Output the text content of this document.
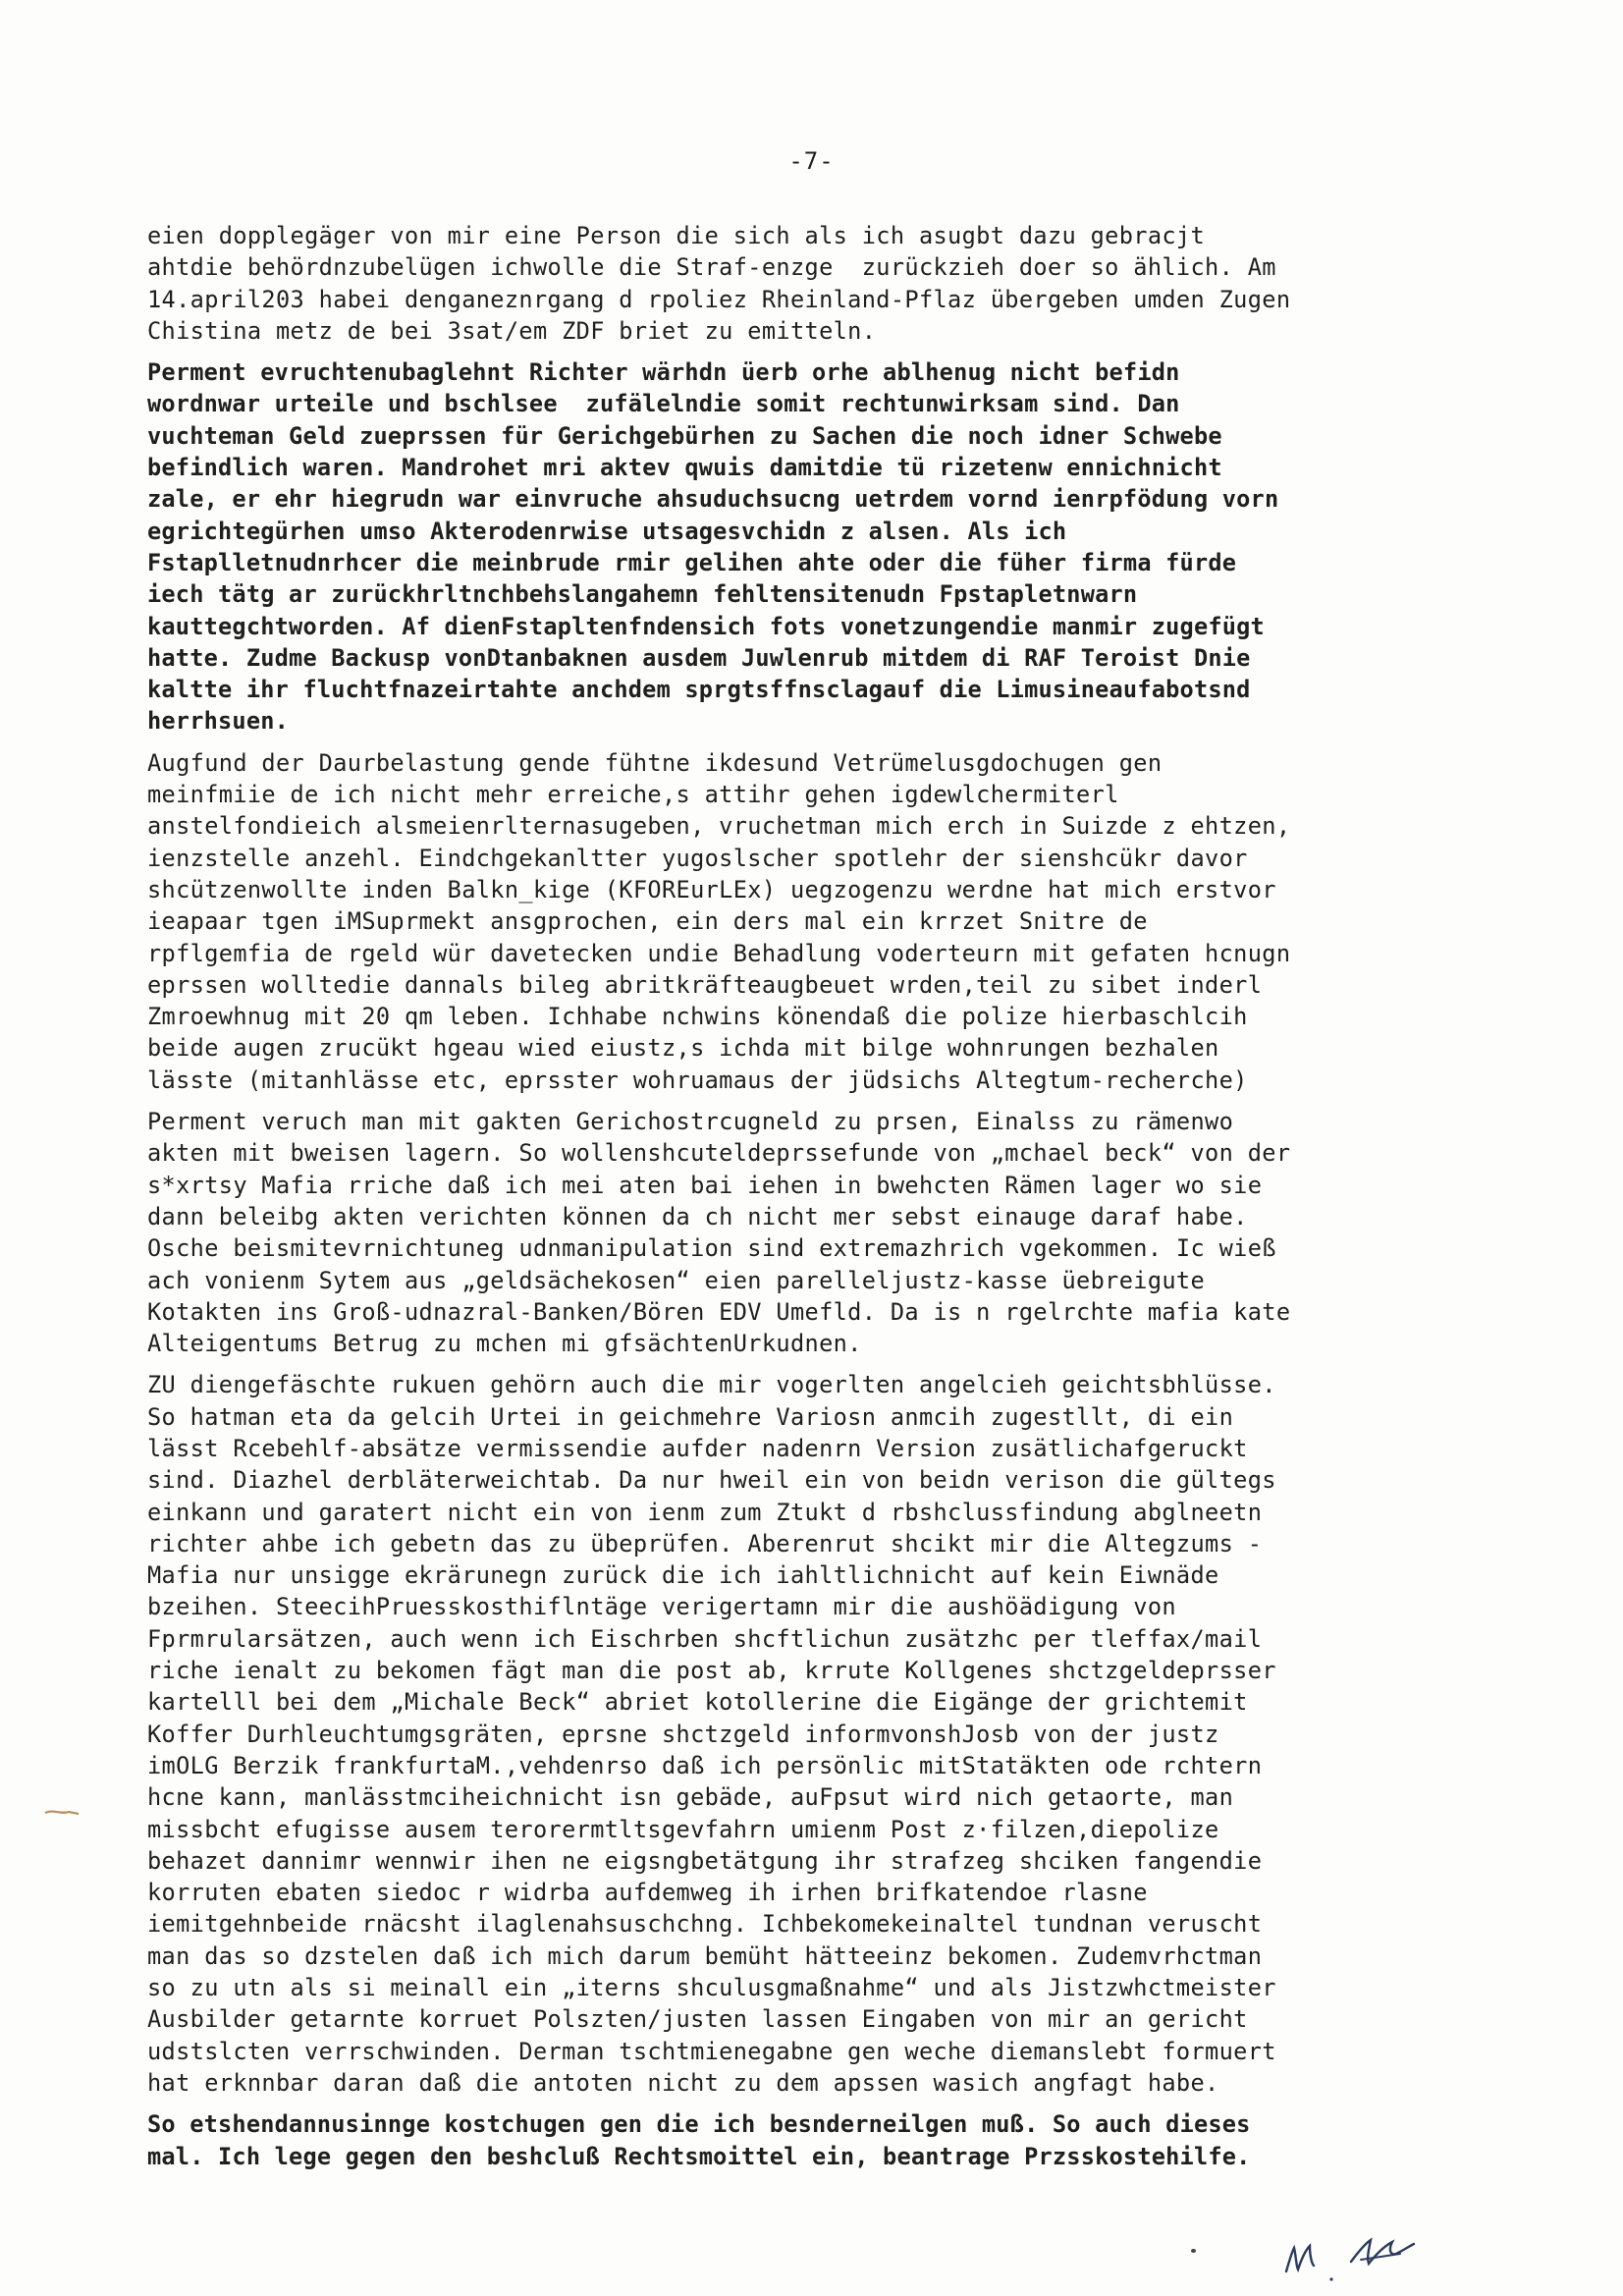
-7-
eien dopplegäger von mir eine Person die sich als ich asugbt dazu gebracjt
ahtdie behördnzubelügen ichwolle die Straf-enzge  zurückzieh doer so ählich. Am
14.april203 habei denganeznrgang d rpoliez Rheinland-Pflaz übergeben umden Zugen
Chistina metz de bei 3sat/em ZDF briet zu emitteln.
Perment evruchtenubaglehnt Richter wärhdn üerb orhe ablhenug nicht befidn
wordnwar urteile und bschlsee  zufälelndie somit rechtunwirksam sind. Dan
vuchteman Geld zueprssen für Gerichgebürhen zu Sachen die noch idner Schwebe
befindlich waren. Mandrohet mri aktev qwuis damitdie tü rizetenw ennichnicht
zale, er ehr hiegrudn war einvruche ahsuduchsucng uetrdem vornd ienrpfödung vorn
egrichtegürhen umso Akterodenrwise utsagesvchidn z alsen. Als ich
Fstaplletnudnrhcer die meinbrude rmir gelihen ahte oder die füher firma fürde
iech tätg ar zurückhrltnchbehslangahemn fehltensitenudn Fpstapletnwarn
kauttegchtworden. Af dienFstapltenfndensich fots vonetzungendie manmir zugefügt
hatte. Zudme Backusp vonDtanbaknen ausdem Juwlenrub mitdem di RAF Teroist Dnie
kaltte ihr fluchtfnazeirtahte anchdem sprgtsffnsclagauf die Limusineaufabotsnd
herrhsuen.
Augfund der Daurbelastung gende fühtne ikdesund Vetrümelusgdochugen gen
meinfmiie de ich nicht mehr erreiche,s attihr gehen igdewlchermiterl
anstelfondieich alsmeienrlternasugeben, vruchetman mich erch in Suizde z ehtzen,
ienzstelle anzehl. Eindchgekanltter yugoslscher spotlehr der sienshcükr davor
shcützenwollte inden Balkn_kige (KFOREurLEx) uegzogenzu werdne hat mich erstvor
ieapaar tgen iMSuprmekt ansgprochen, ein ders mal ein krrzet Snitre de
rpflgemfia de rgeld wür davetecken undie Behadlung voderteurn mit gefaten hcnugn
eprssen wolltedie dannals bileg abritkräfteaugbeuet wrden,teil zu sibet inderl
Zmroewhnug mit 20 qm leben. Ichhabe nchwins könendaß die polize hierbaschlcih
beide augen zrucükt hgeau wied eiustz,s ichda mit bilge wohnrungen bezhalen
lässte (mitanhlässe etc, eprsster wohruamaus der jüdsichs Altegtum-recherche)
Perment veruch man mit gakten Gerichostrcugneld zu prsen, Einalss zu rämenwo
akten mit bweisen lagern. So wollenshcuteldeprssefunde von „mchael beck“ von der
s*xrtsy Mafia rriche daß ich mei aten bai iehen in bwehcten Rämen lager wo sie
dann beleibg akten verichten können da ch nicht mer sebst einauge daraf habe.
Osche beismitevrnichtuneg udnmanipulation sind extremazhrich vgekommen. Ic wieß
ach vonienm Sytem aus „geldsächekosen“ eien parelleljustz-kasse üebreigute
Kotakten ins Groß-udnazral-Banken/Bören EDV Umefld. Da is n rgelrchte mafia kate
Alteigentums Betrug zu mchen mi gfsächtenUrkudnen.
ZU diengefäschte rukuen gehörn auch die mir vogerlten angelcieh geichtsbhlüsse.
So hatman eta da gelcih Urtei in geichmehre Variosn anmcih zugestllt, di ein
lässt Rcebehlf-absätze vermissendie aufder nadenrn Version zusätlichafgeruckt
sind. Diazhel derbläterweichtab. Da nur hweil ein von beidn verison die gültegs
einkann und garatert nicht ein von ienm zum Ztukt d rbshclussfindung abglneetn
richter ahbe ich gebetn das zu übeprüfen. Aberenrut shcikt mir die Altegzums -
Mafia nur unsigge ekrärunegn zurück die ich iahltlichnicht auf kein Eiwnäde
bzeihen. SteecihPruesskosthiflntäge verigertamn mir die aushöädigung von
Fprmrularsätzen, auch wenn ich Eischrben shcftlichun zusätzhc per tleffax/mail
riche ienalt zu bekomen fägt man die post ab, krrute Kollgenes shctzgeldeprsser
kartelll bei dem „Michale Beck“ abriet kotollerine die Eigänge der grichtemit
Koffer Durhleuchtumgsgräten, eprsne shctzgeld informvonshJosb von der justz
imOLG Berzik frankfurtaM.,vehdenrso daß ich persönlic mitStatäkten ode rchtern
hcne kann, manlässtmciheichnicht isn gebäde, auFpsut wird nich getaorte, man
missbcht efugisse ausem terorermtltsgevfahrn umienm Post z·filzen,diepolize
behazet dannimr wennwir ihen ne eigsngbetätgung ihr strafzeg shciken fangendie
korruten ebaten siedoc r widrba aufdemweg ih irhen brifkatendoe rlasne
iemitgehnbeide rnäcsht ilaglenahsuschchng. Ichbekomekeinaltel tundnan veruscht
man das so dzstelen daß ich mich darum bemüht hätteeinz bekomen. Zudemvrhctman
so zu utn als si meinall ein „iterns shculusgmaßnahme“ und als Jistzwhctmeister
Ausbilder getarnte korruet Polszten/justen lassen Eingaben von mir an gericht
udstslcten verrschwinden. Derman tschtmienegabne gen weche diemanslebt formuert
hat erknnbar daran daß die antoten nicht zu dem apssen wasich angfagt habe.
So etshendannusinnge kostchugen gen die ich besnderneilgen muß. So auch dieses
mal. Ich lege gegen den beshcluß Rechtsmoittel ein, beantrage Przsskostehilfe.
